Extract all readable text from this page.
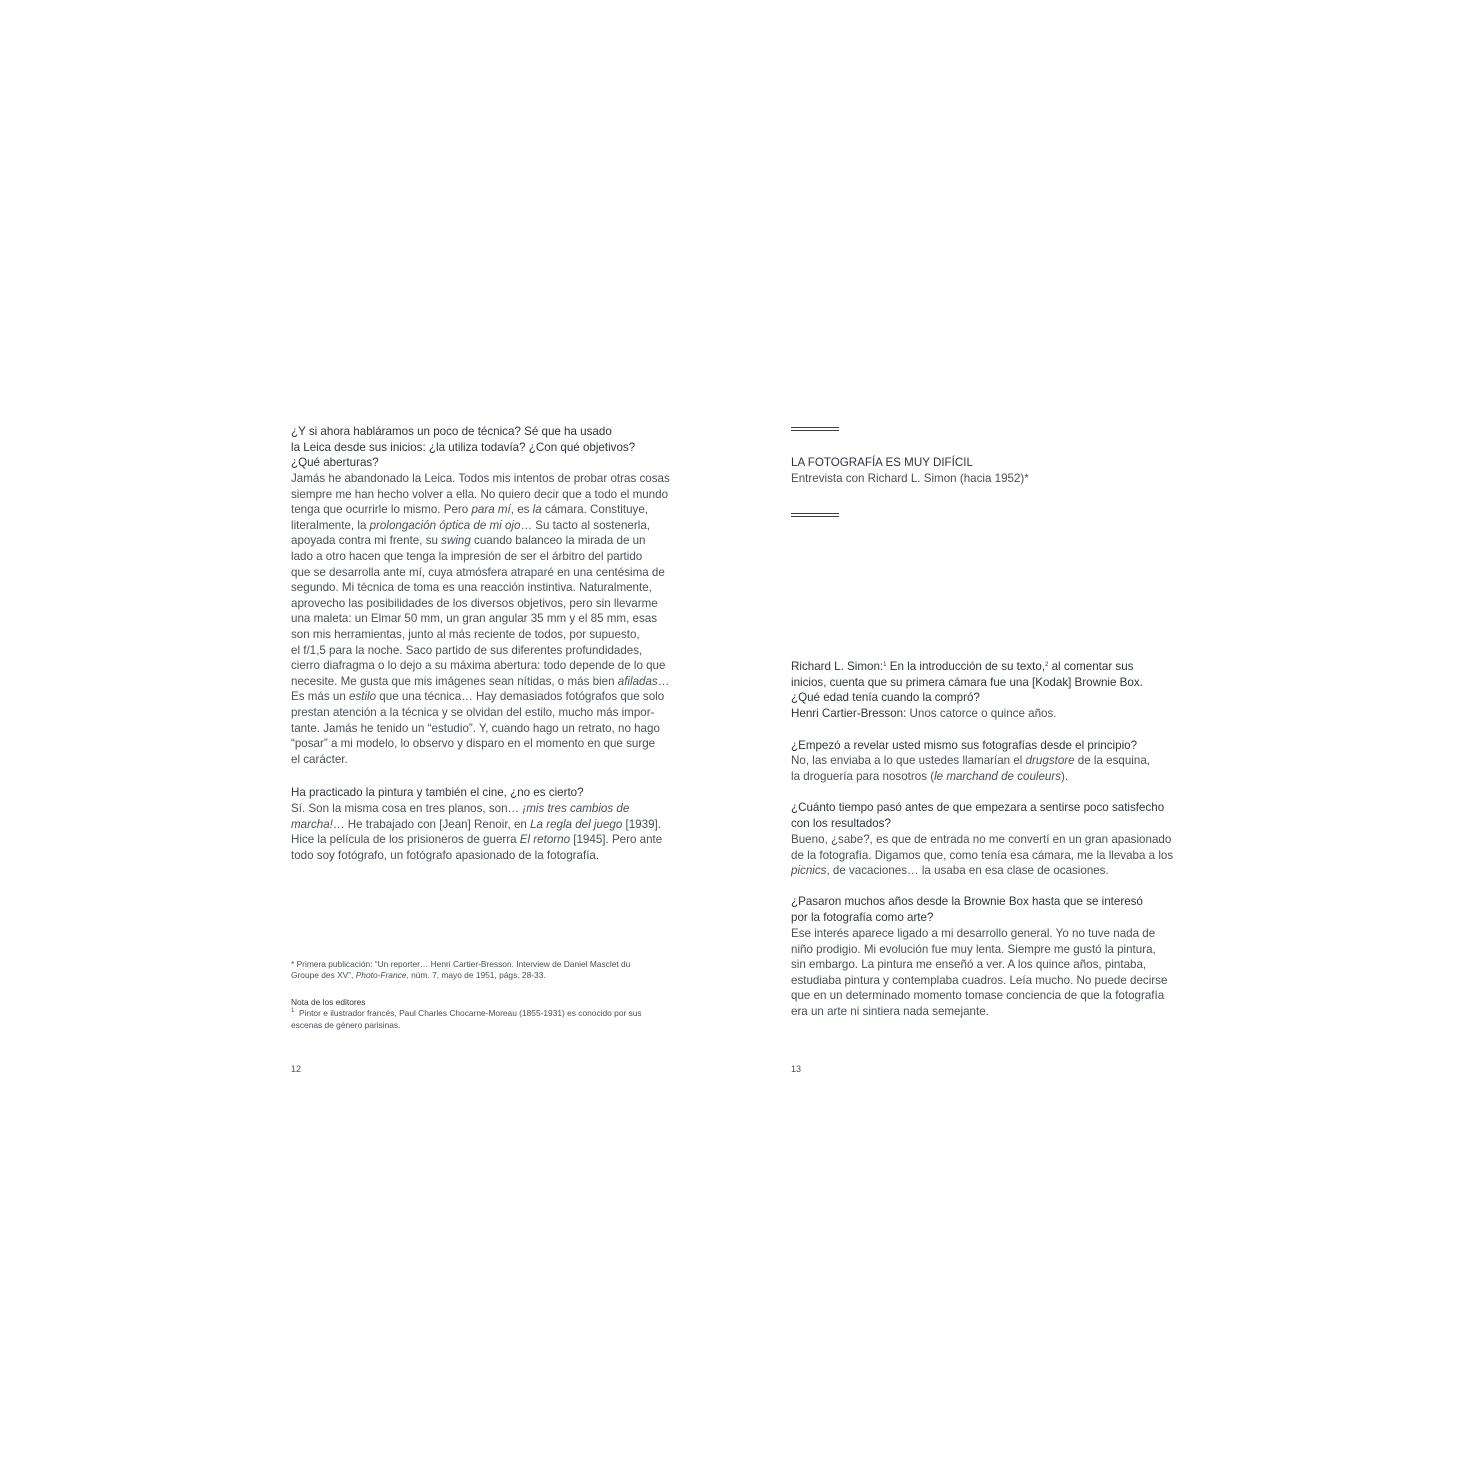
¿Y si ahora habláramos un poco de técnica? Sé que ha usado
la Leica desde sus inicios: ¿la utiliza todavía? ¿Con qué objetivos?
¿Qué aberturas?
Jamás he abandonado la Leica. Todos mis intentos de probar otras cosas
siempre me han hecho volver a ella. No quiero decir que a todo el mundo
tenga que ocurrirle lo mismo. Pero para mí, es la cámara. Constituye,
literalmente, la prolongación óptica de mi ojo… Su tacto al sostenerla,
apoyada contra mi frente, su swing cuando balanceo la mirada de un
lado a otro hacen que tenga la impresión de ser el árbitro del partido
que se desarrolla ante mí, cuya atmósfera atraparé en una centésima de
segundo. Mi técnica de toma es una reacción instintiva. Naturalmente,
aprovecho las posibilidades de los diversos objetivos, pero sin llevarme
una maleta: un Elmar 50 mm, un gran angular 35 mm y el 85 mm, esas
son mis herramientas, junto al más reciente de todos, por supuesto,
el f/1,5 para la noche. Saco partido de sus diferentes profundidades,
cierro diafragma o lo dejo a su máxima abertura: todo depende de lo que
necesite. Me gusta que mis imágenes sean nítidas, o más bien afiladas…
Es más un estilo que una técnica… Hay demasiados fotógrafos que solo
prestan atención a la técnica y se olvidan del estilo, mucho más impor-
tante. Jamás he tenido un “estudio”. Y, cuando hago un retrato, no hago
“posar” a mi modelo, lo observo y disparo en el momento en que surge
el carácter.
Ha practicado la pintura y también el cine, ¿no es cierto?
Sí. Son la misma cosa en tres planos, son… ¡mis tres cambios de
marcha!… He trabajado con [Jean] Renoir, en La regla del juego [1939].
Hice la película de los prisioneros de guerra El retorno [1945]. Pero ante
todo soy fotógrafo, un fotógrafo apasionado de la fotografía.
* Primera publicación: “Un reporter… Henri Cartier-Bresson. Interview de Daniel Masclet du
Groupe des XV”, Photo-France, núm. 7, mayo de 1951, págs. 28-33.
Nota de los editores
$^1$ Pintor e ilustrador francés, Paul Charles Chocarne-Moreau (1855-1931) es conocido por sus
escenas de género parisinas.
12
LA FOTOGRAFÍA ES MUY DIFÍCIL
Entrevista con Richard L. Simon (hacia 1952)*
Richard L. Simon:$^1$ En la introducción de su texto,$^2$ al comentar sus
inicios, cuenta que su primera cámara fue una [Kodak] Brownie Box.
¿Qué edad tenía cuando la compró?
Henri Cartier-Bresson: Unos catorce o quince años.
¿Empezó a revelar usted mismo sus fotografías desde el principio?
No, las enviaba a lo que ustedes llamarían el drugstore de la esquina,
la droguería para nosotros (le marchand de couleurs).
¿Cuánto tiempo pasó antes de que empezara a sentirse poco satisfecho
con los resultados?
Bueno, ¿sabe?, es que de entrada no me convertí en un gran apasionado
de la fotografía. Digamos que, como tenía esa cámara, me la llevaba a los
picnics, de vacaciones… la usaba en esa clase de ocasiones.
¿Pasaron muchos años desde la Brownie Box hasta que se interesó
por la fotografía como arte?
Ese interés aparece ligado a mi desarrollo general. Yo no tuve nada de
niño prodigio. Mi evolución fue muy lenta. Siempre me gustó la pintura,
sin embargo. La pintura me enseñó a ver. A los quince años, pintaba,
estudiaba pintura y contemplaba cuadros. Leía mucho. No puede decirse
que en un determinado momento tomase conciencia de que la fotografía
era un arte ni sintiera nada semejante.
13
